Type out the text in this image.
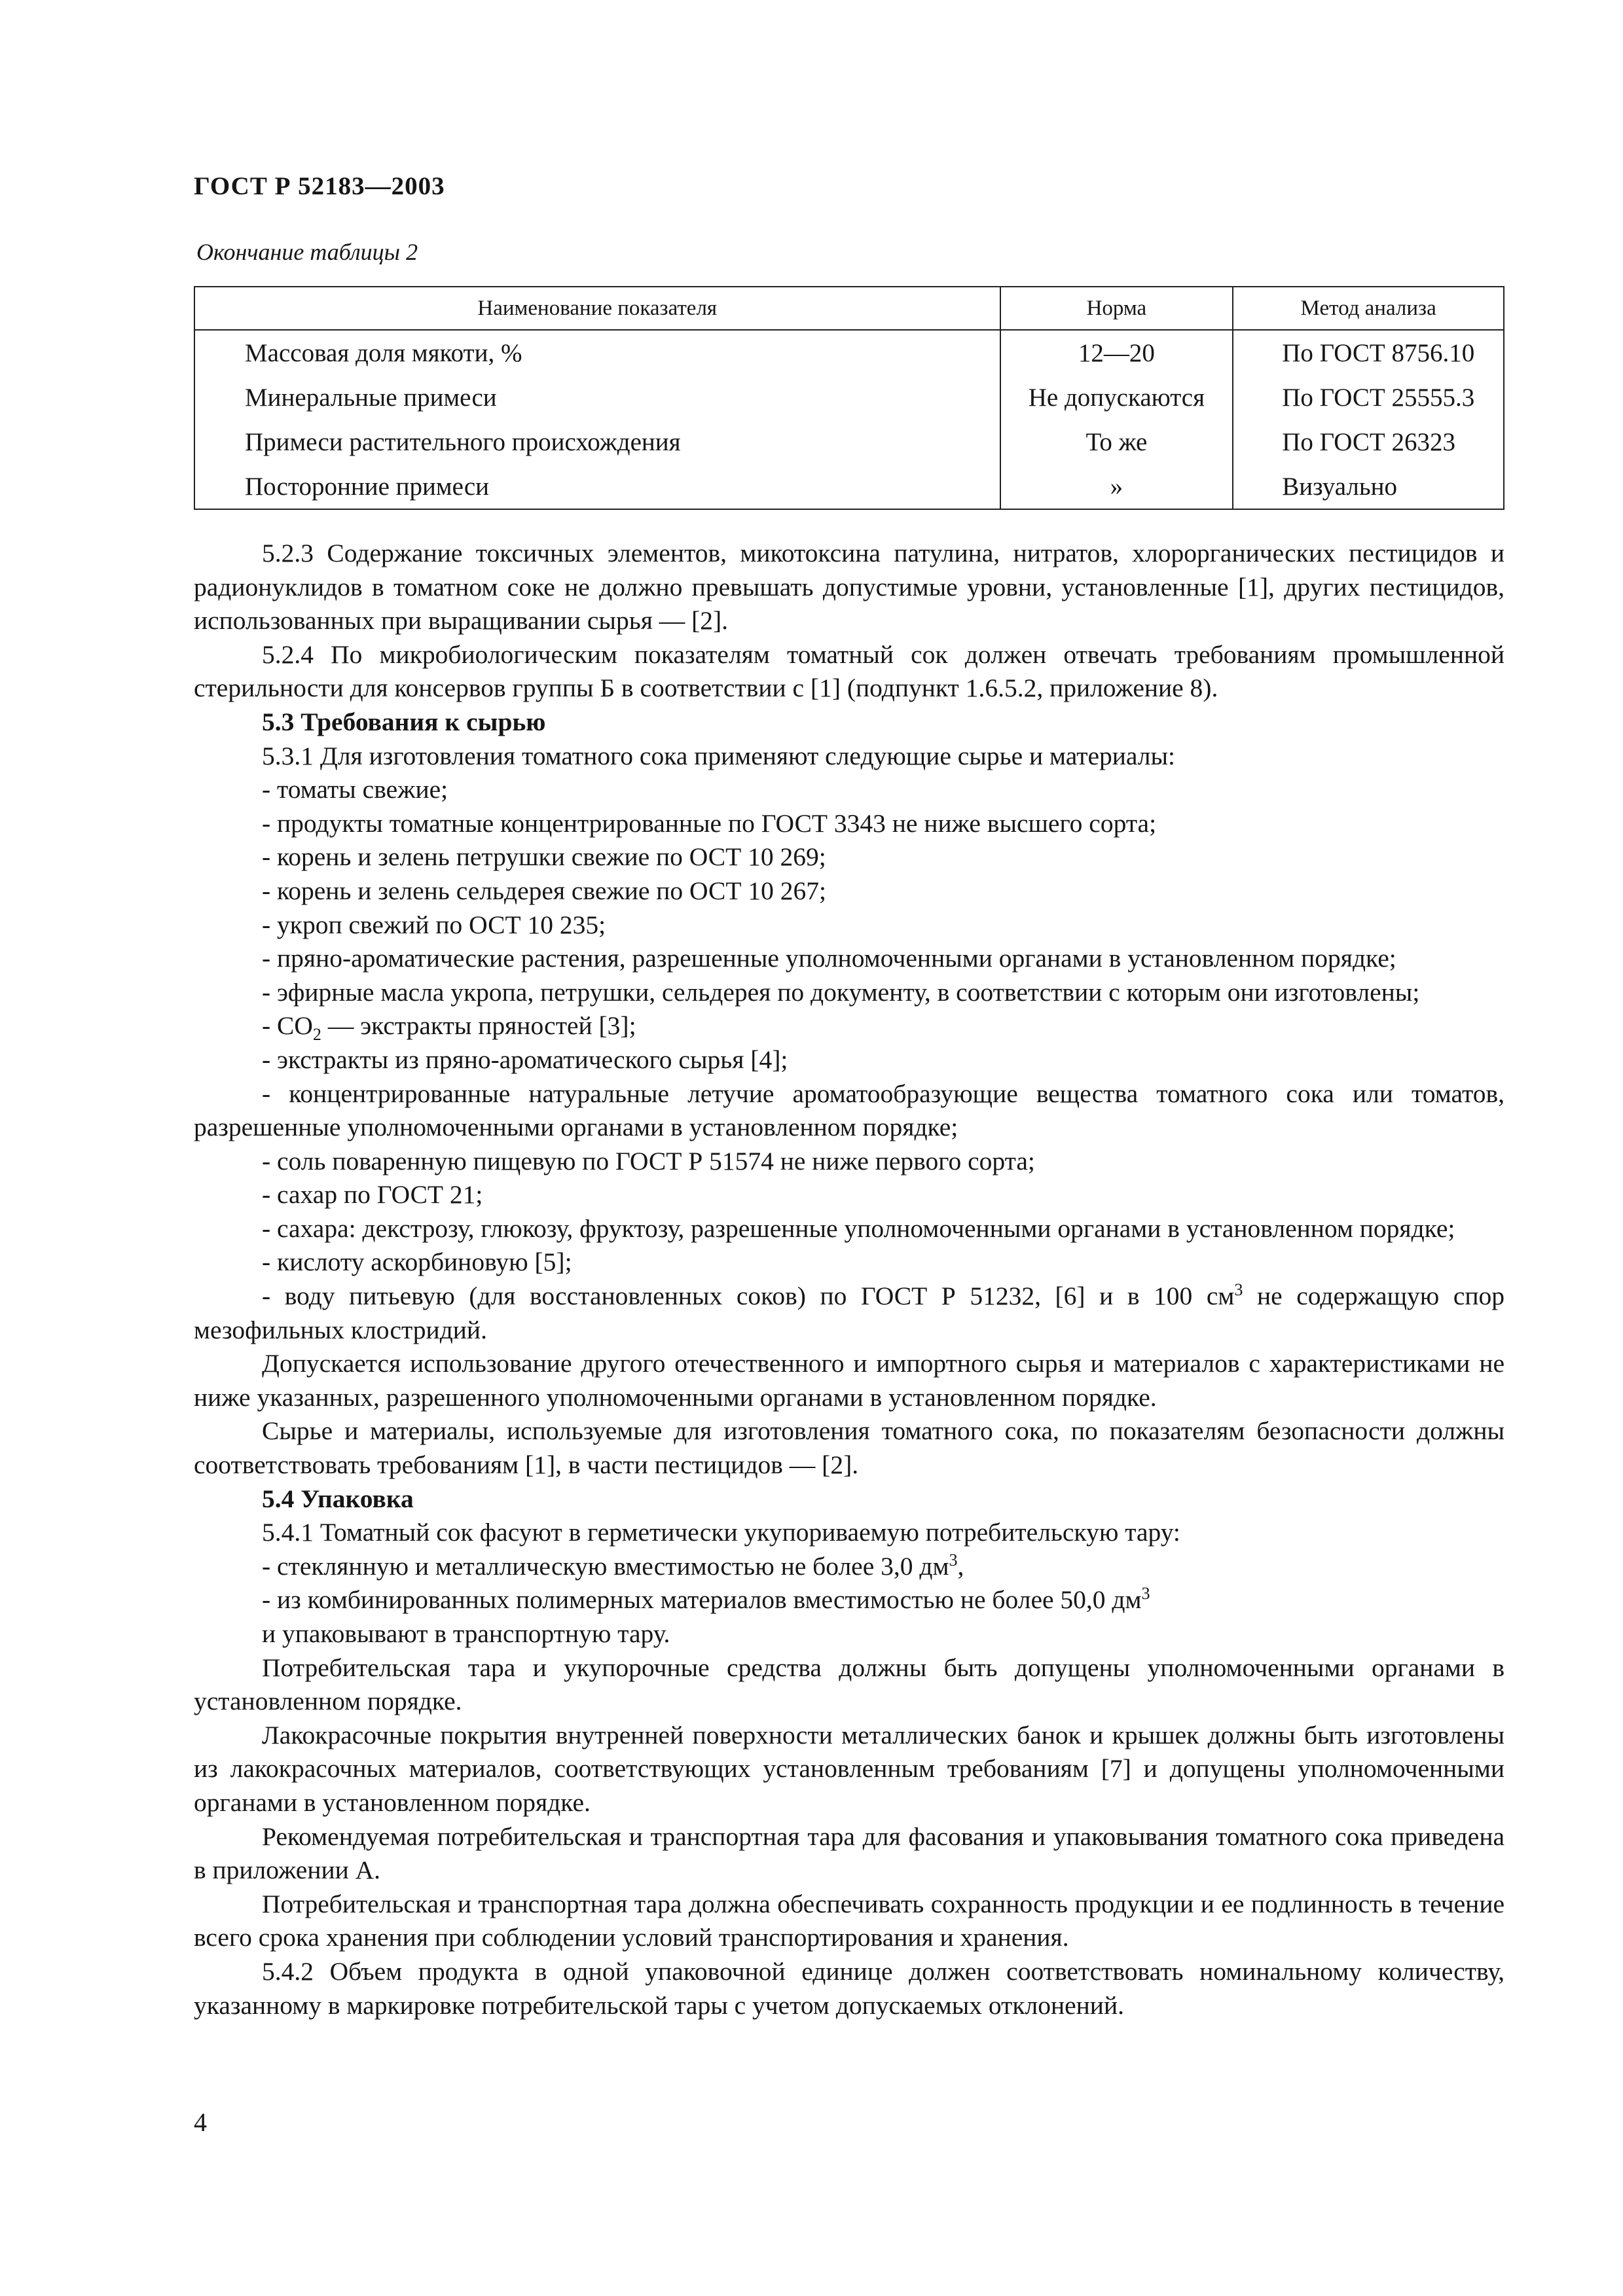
ГОСТ Р 52183—2003
Окончание таблицы 2
Наименование показателя	Норма	Метод анализа
Массовая доля мякоти, %	12—20	По ГОСТ 8756.10
Минеральные примеси	Не допускаются	По ГОСТ 25555.3
Примеси растительного происхождения	То же	По ГОСТ 26323
Посторонние примеси	»	Визуально

5.2.3 Содержание токсичных элементов, микотоксина патулина, нитратов, хлорорганических пестицидов и радионуклидов в томатном соке не должно превышать допустимые уровни, установленные [1], других пестицидов, использованных при выращивании сырья — [2].

5.2.4 По микробиологическим показателям томатный сок должен отвечать требованиям промышленной стерильности для консервов группы Б в соответствии с [1] (подпункт 1.6.5.2, приложение 8).

5.3 Требования к сырью

5.3.1 Для изготовления томатного сока применяют следующие сырье и материалы:

- томаты свежие;

- продукты томатные концентрированные по ГОСТ 3343 не ниже высшего сорта;

- корень и зелень петрушки свежие по ОСТ 10 269;

- корень и зелень сельдерея свежие по ОСТ 10 267;

- укроп свежий по ОСТ 10 235;

- пряно-ароматические растения, разрешенные уполномоченными органами в установленном порядке;

- эфирные масла укропа, петрушки, сельдерея по документу, в соответствии с которым они изготовлены;

- $СО_2$ — экстракты пряностей [3];

- экстракты из пряно-ароматического сырья [4];

- концентрированные натуральные летучие ароматообразующие вещества томатного сока или томатов, разрешенные уполномоченными органами в установленном порядке;

- соль поваренную пищевую по ГОСТ Р 51574 не ниже первого сорта;

- сахар по ГОСТ 21;

- сахара: декстрозу, глюкозу, фруктозу, разрешенные уполномоченными органами в установленном порядке;

- кислоту аскорбиновую [5];

- воду питьевую (для восстановленных соков) по ГОСТ Р 51232, [6] и в 100 $см^3$ не содержащую спор мезофильных клостридий.

Допускается использование другого отечественного и импортного сырья и материалов с характеристиками не ниже указанных, разрешенного уполномоченными органами в установленном порядке.

Сырье и материалы, используемые для изготовления томатного сока, по показателям безопасности должны соответствовать требованиям [1], в части пестицидов — [2].

5.4 Упаковка

5.4.1 Томатный сок фасуют в герметически укупориваемую потребительскую тару:

- стеклянную и металлическую вместимостью не более 3,0 $дм^3$,

- из комбинированных полимерных материалов вместимостью не более 50,0 $дм^3$

и упаковывают в транспортную тару.

Потребительская тара и укупорочные средства должны быть допущены уполномоченными органами в установленном порядке.

Лакокрасочные покрытия внутренней поверхности металлических банок и крышек должны быть изготовлены из лакокрасочных материалов, соответствующих установленным требованиям [7] и допущены уполномоченными органами в установленном порядке.

Рекомендуемая потребительская и транспортная тара для фасования и упаковывания томатного сока приведена в приложении А.

Потребительская и транспортная тара должна обеспечивать сохранность продукции и ее подлинность в течение всего срока хранения при соблюдении условий транспортирования и хранения.

5.4.2 Объем продукта в одной упаковочной единице должен соответствовать номинальному количеству, указанному в маркировке потребительской тары с учетом допускаемых отклонений.

4
